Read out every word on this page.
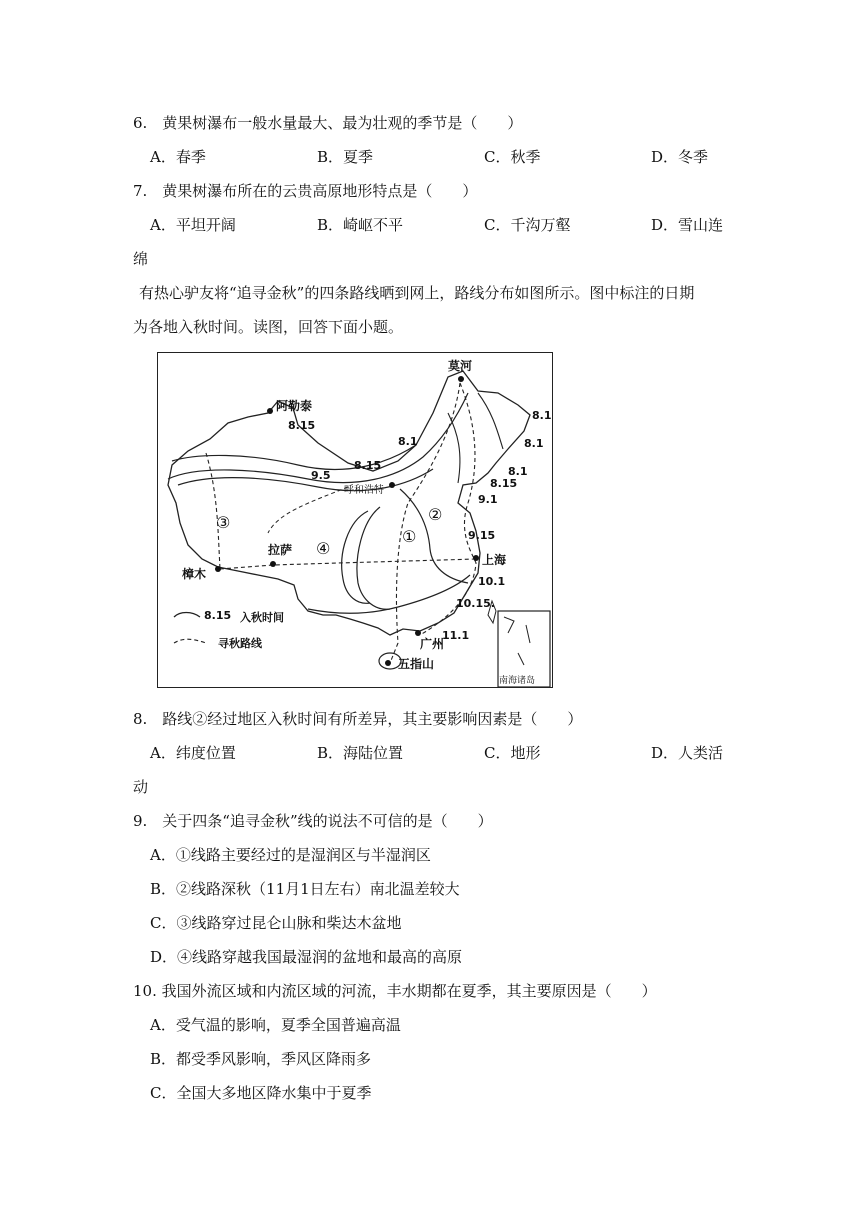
6.　黄果树瀑布一般水量最大、最为壮观的季节是（　　）
A．春季	B．夏季	C．秋季	D．冬季
7.　黄果树瀑布所在的云贵高原地形特点是（　　）
A．平坦开阔	B．崎岖不平	C．千沟万壑	D．雪山连
绵
有热心驴友将“追寻金秋”的四条路线晒到网上，路线分布如图所示。图中标注的日期
为各地入秋时间。读图，回答下面小题。
莫河
阿勒泰
8.15
9.5
8.15
呼和浩特
8.1
8.1
8.1
8.1
8.15
9.1
9.15
上海
10.1
10.15.
11.1
广州
五指山
拉萨
樟木
③
④
①
②
8.15 入秋时间
寻秋路线
南海诸岛
8.　路线②经过地区入秋时间有所差异，其主要影响因素是（　　）
A．纬度位置	B．海陆位置	C．地形	D．人类活
动
9.　关于四条“追寻金秋”线的说法不可信的是（　　）
A．①线路主要经过的是湿润区与半湿润区
B．②线路深秋（11月1日左右）南北温差较大
C．③线路穿过昆仑山脉和柴达木盆地
D．④线路穿越我国最湿润的盆地和最高的高原
10. 我国外流区域和内流区域的河流，丰水期都在夏季，其主要原因是（　　）
A．受气温的影响，夏季全国普遍高温
B．都受季风影响，季风区降雨多
C．全国大多地区降水集中于夏季
